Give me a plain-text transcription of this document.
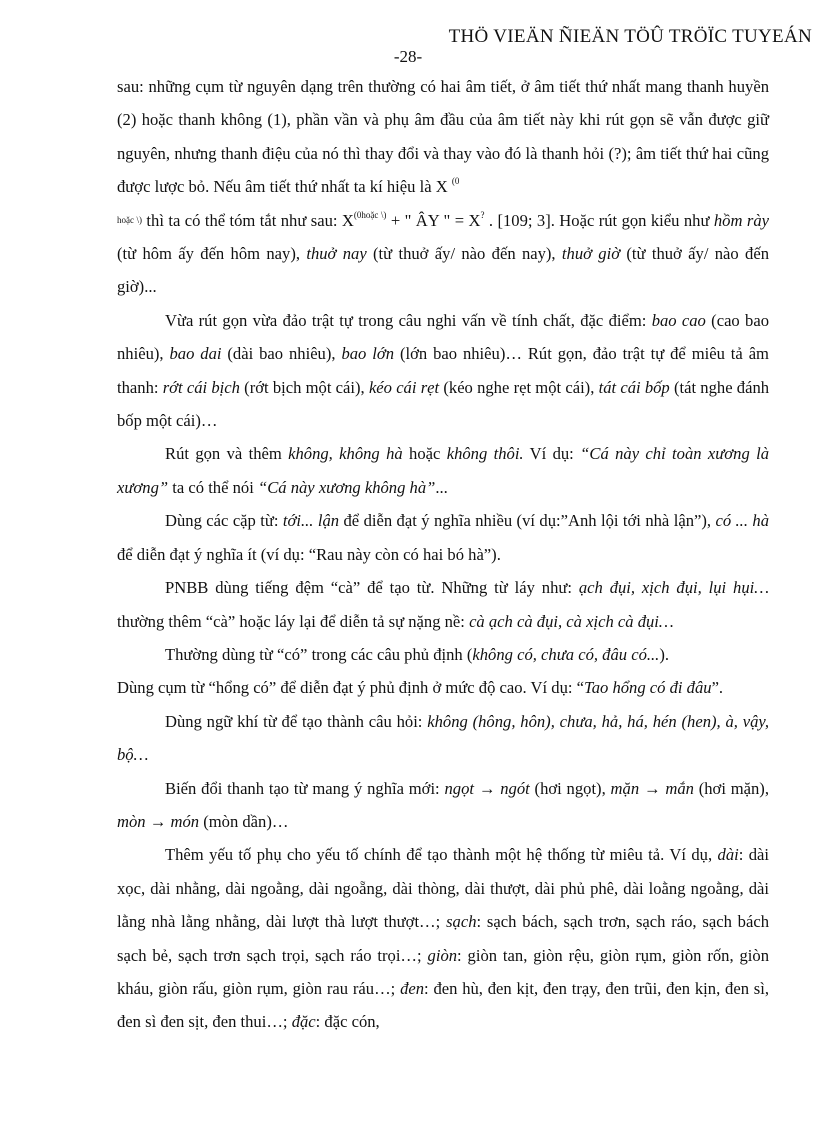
THÖ VIEÄN ÑIEÄN TÖÛ TRÖÏC TUYEÁN
-28-

sau: những cụm từ nguyên dạng trên thường có hai âm tiết, ở âm tiết thứ nhất mang thanh huyền (2) hoặc thanh không (1), phần vần và phụ âm đầu của âm tiết này khi rút gọn sẽ vẫn được giữ nguyên, nhưng thanh điệu của nó thì thay đổi và thay vào đó là thanh hỏi (?); âm tiết thứ hai cũng được lược bỏ. Nếu âm tiết thứ nhất ta kí hiệu là X $^{(0}$
hoặc \) thì ta có thể tóm tắt như sau: $X^{(0hoặc \backslash)}$ + " ÂY " = X? . [109; 3]. Hoặc rút gọn kiểu như hồm rày (từ hôm ấy đến hôm nay), thuở nay (từ thuở ấy/ nào đến nay), thuở giờ (từ thuở ấy/ nào đến giờ)...

Vừa rút gọn vừa đảo trật tự trong câu nghi vấn về tính chất, đặc điểm: bao cao (cao bao nhiêu), bao dai (dài bao nhiêu), bao lớn (lớn bao nhiêu)… Rút gọn, đảo trật tự để miêu tả âm thanh: rớt cái bịch (rớt bịch một cái), kéo cái rẹt (kéo nghe rẹt một cái), tát cái bốp (tát nghe đánh bốp một cái)…

Rút gọn và thêm không, không hà hoặc không thôi. Ví dụ: “Cá này chỉ toàn xương là xương” ta có thể nói “Cá này xương không hà”...

Dùng các cặp từ: tới... lận để diễn đạt ý nghĩa nhiều (ví dụ:”Anh lội tới nhà lận”), có ... hà để diễn đạt ý nghĩa ít (ví dụ: “Rau này còn có hai bó hà”).

PNBB dùng tiếng đệm “cà” để tạo từ. Những từ láy như: ạch đụi, xịch đụi, lụi hụi… thường thêm “cà” hoặc láy lại để diễn tả sự nặng nề: cà ạch cà đụi, cà xịch cà đụi…

Thường dùng từ “có” trong các câu phủ định (không có, chưa có, đâu có...).

Dùng cụm từ “hổng có” để diễn đạt ý phủ định ở mức độ cao. Ví dụ: “Tao hổng có đi đâu”.

Dùng ngữ khí từ để tạo thành câu hỏi: không (hông, hôn), chưa, hả, há, hén (hen), à, vậy, bộ…

Biến đổi thanh tạo từ mang ý nghĩa mới: ngọt → ngót (hơi ngọt), mặn → mắn (hơi mặn), mòn → món (mòn dần)…

Thêm yếu tố phụ cho yếu tố chính để tạo thành một hệ thống từ miêu tả. Ví dụ, dài: dài xọc, dài nhằng, dài ngoằng, dài ngoẵng, dài thòng, dài thượt, dài phủ phê, dài loằng ngoằng, dài lằng nhà lằng nhằng, dài lượt thà lượt thượt…; sạch: sạch bách, sạch trơn, sạch ráo, sạch bách sạch bẻ, sạch trơn sạch trọi, sạch ráo trọi…; giòn: giòn tan, giòn rệu, giòn rụm, giòn rốn, giòn kháu, giòn rấu, giòn rụm, giòn rau ráu…; đen: đen hù, đen kịt, đen trạy, đen trũi, đen kịn, đen sì, đen sì đen sịt, đen thui…; đặc: đặc cón,
